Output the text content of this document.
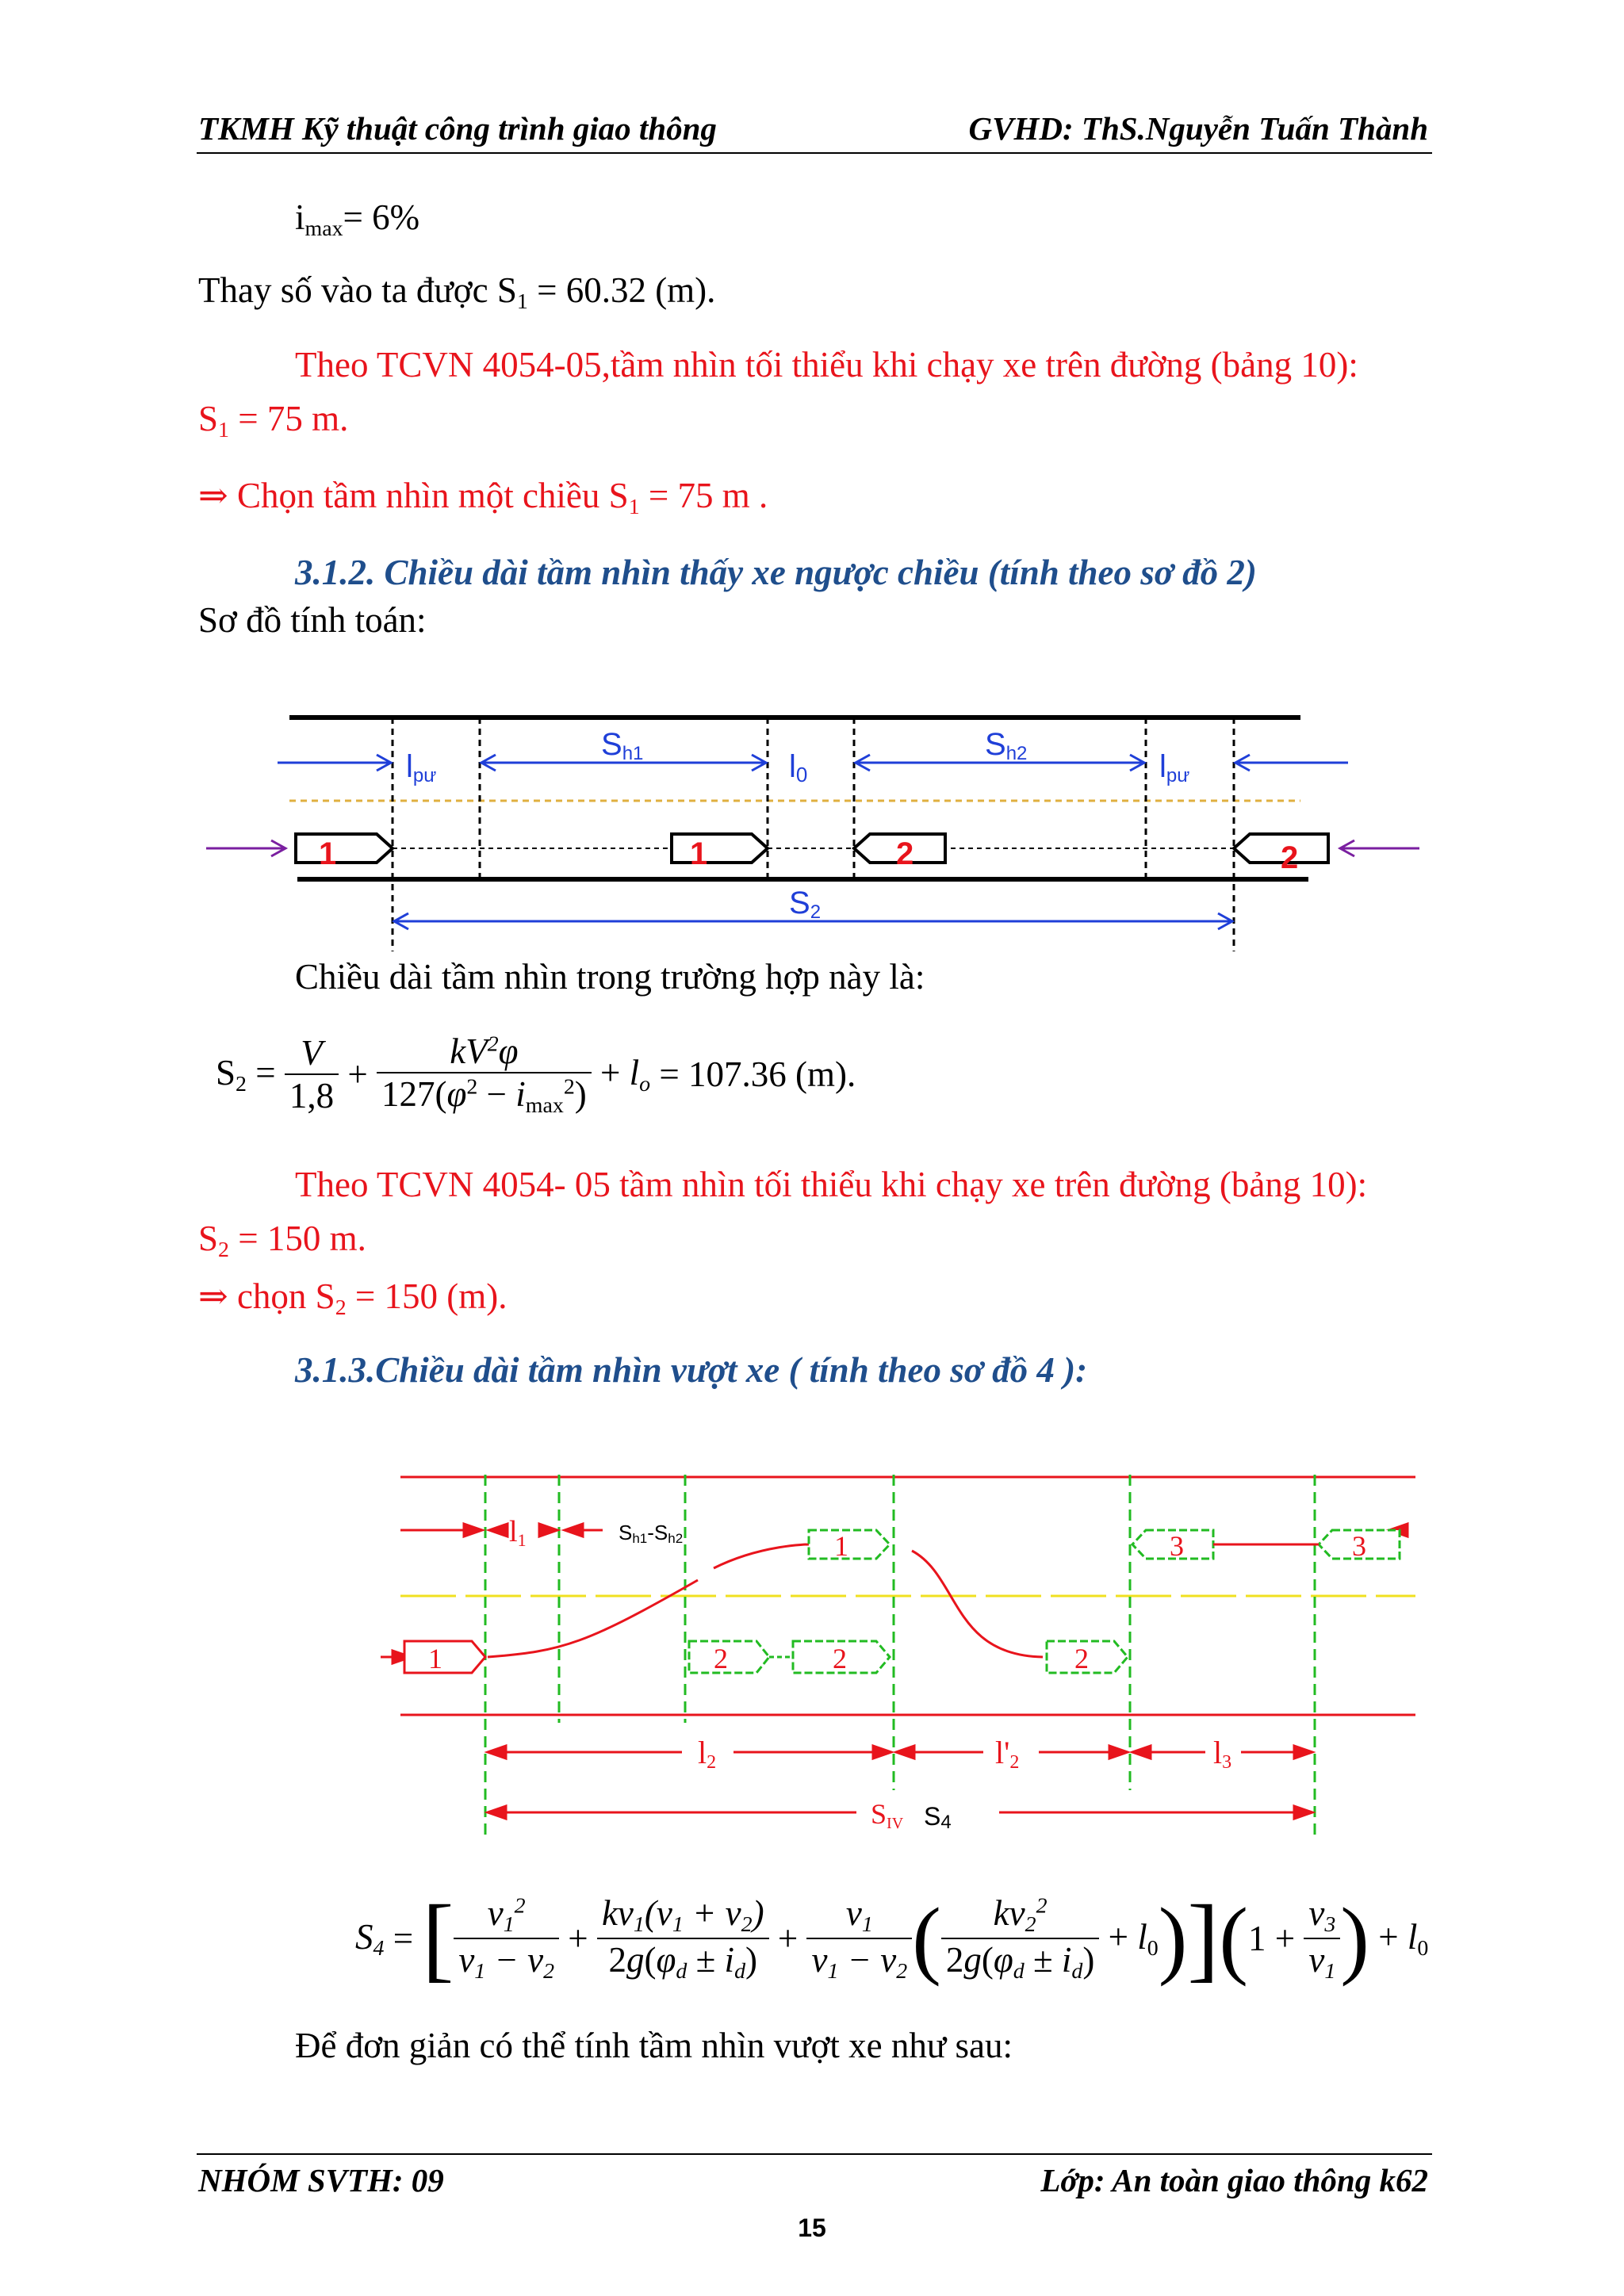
TKMH Kỹ thuật công trình giao thông	GVHD: ThS.Nguyễn Tuấn Thành
$i_{max}= 6\%$
Thay số vào ta được $S_1 = 60.32$ (m).
Theo TCVN 4054-05,tầm nhìn tối thiểu khi chạy xe trên đường (bảng 10):
$S_1 = 75$ m.
⇒ Chọn tầm nhìn một chiều $S_1 = 75$ m .
3.1.2. Chiều dài tầm nhìn thấy xe ngược chiều (tính theo sơ đồ 2)
Sơ đồ tính toán:
lpư
Sh1	l0
Sh2	lpư
1	1	2	2
S2
Chiều dài tầm nhìn trong trường hợp này là:
$S_2 = \frac{V}{1,8} + \frac{kV^2\varphi}{127(\varphi^2 - i_{max}^2)} + l_o = 107.36$ (m).
Theo TCVN 4054- 05 tầm nhìn tối thiểu khi chạy xe trên đường (bảng 10):
$S_2 = 150$ m.
⇒ chọn $S_2 = 150$ (m).
3.1.3.Chiều dài tầm nhìn vượt xe ( tính theo sơ đồ 4 ):
l1	Sh1-Sh2
1
1
2	2	2
3	3
l2	l'2	l3
SIV S4
$S_4$ = [ $\frac{v_1^2}{v_1 - v_2} + \frac{kv_1(v_1 + v_2)}{2g(\varphi_d \pm i_d)} + \frac{v_1}{v_1 - v_2}$ ( $\frac{kv_2^2}{2g(\varphi_d \pm i_d)} + l_0$ ) ] ( $1 + \frac{v_3}{v_1}$ ) + $l_0$
Để đơn giản có thể tính tầm nhìn vượt xe như sau:
NHÓM SVTH: 09	Lớp: An toàn giao thông k62
15
